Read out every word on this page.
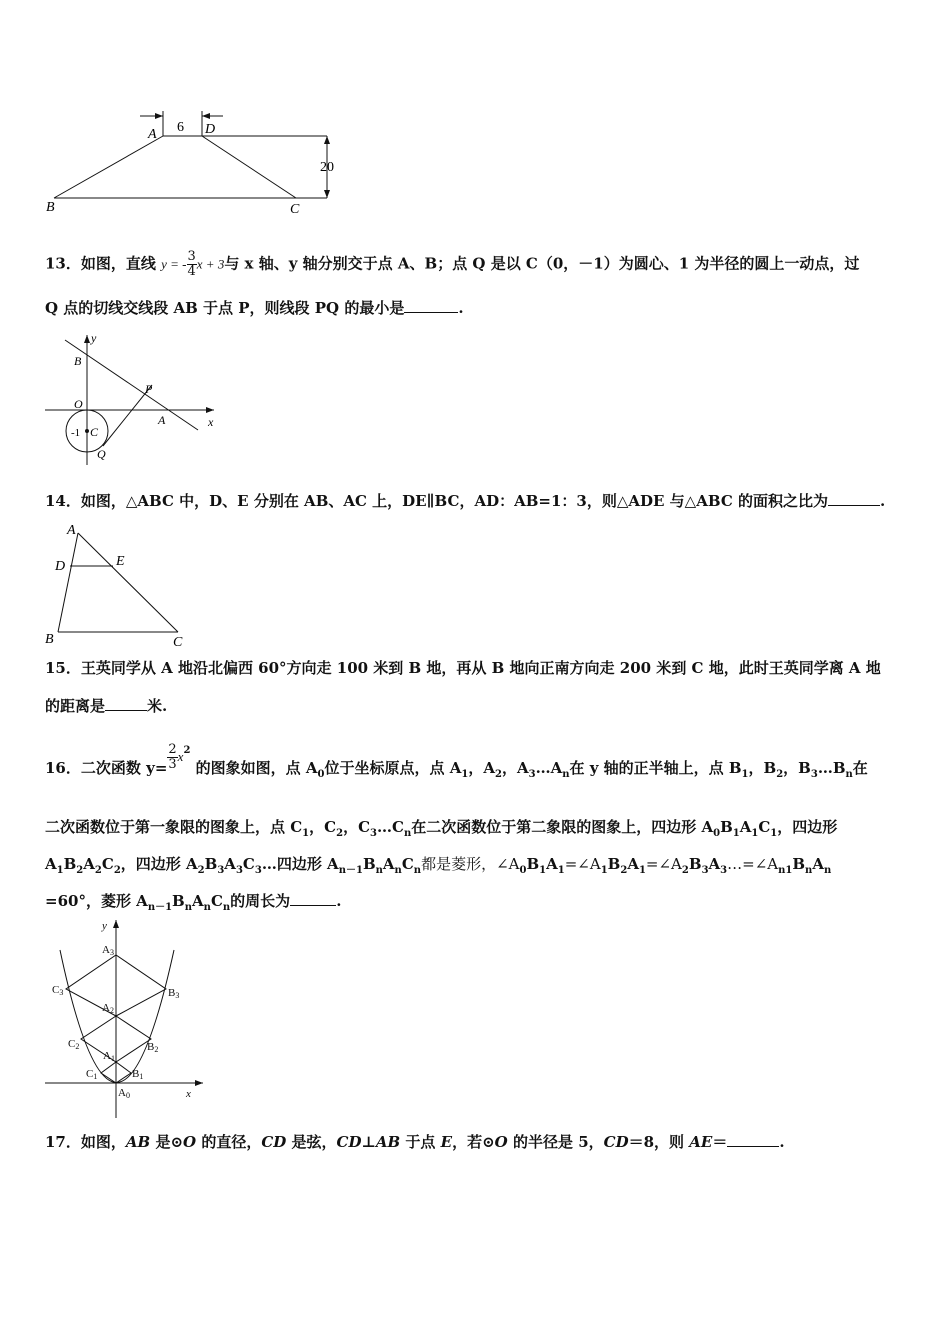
A	D
B	C
6
20
13．如图，直线 y = - $\frac{3}{4}$ x + 3与 x 轴、y 轴分别交于点 A、B；点 Q 是以 C（0，－1）为圆心、1 为半径的圆上一动点，过
Q 点的切线交线段 AB 于点 P，则线段 PQ 的最小是	.
y
B
P
O
A	x
-1 C
Q
14．如图，△ABC 中，D、E 分别在 AB、AC 上，DE∥BC，AD：AB=1：3，则△ADE 与△ABC 的面积之比为	.
A
D	E
B	C
15．王英同学从 A 地沿北偏西 60°方向走 100 米到 B 地，再从 B 地向正南方向走 200 米到 C 地，此时王英同学离 A 地
的距离是	米.
16．二次函数 $y= \frac{2}{3} x^2$ 的图象如图，点 $A_0$位于坐标原点，点 $A_1$，$A_2$，$A_3\dots A_n$在 y 轴的正半轴上，点 $B_1$，$B_2$，$B_3\dots B_n$在
二次函数位于第一象限的图象上，点 $C_1$，$C_2$，$C_3\dots C_n$在二次函数位于第二象限的图象上，四边形 $A_0B_1A_1C_1$，四边形
$A_1B_2A_2C_2$，四边形 $A_2B_3A_3C_3\dots$四边形 $A_{n-1}B_nA_nC_n$都是菱形，$\angle A_0B_1A_1=\angle A_1B_2A_1=\angle A_2B_3A_3\dots=\angle A_{n1}B_nA_n$
=60°，菱形 $A_{n-1}B_nA_nC_n$的周长为	.
y
x
A3
A2
A1
A0
B3
B2
B1
C3
C2
C1
17．如图，AB 是⊙O 的直径，CD 是弦，CD⊥AB 于点 E，若⊙O 的半径是 5，CD＝8，则 AE＝	.
